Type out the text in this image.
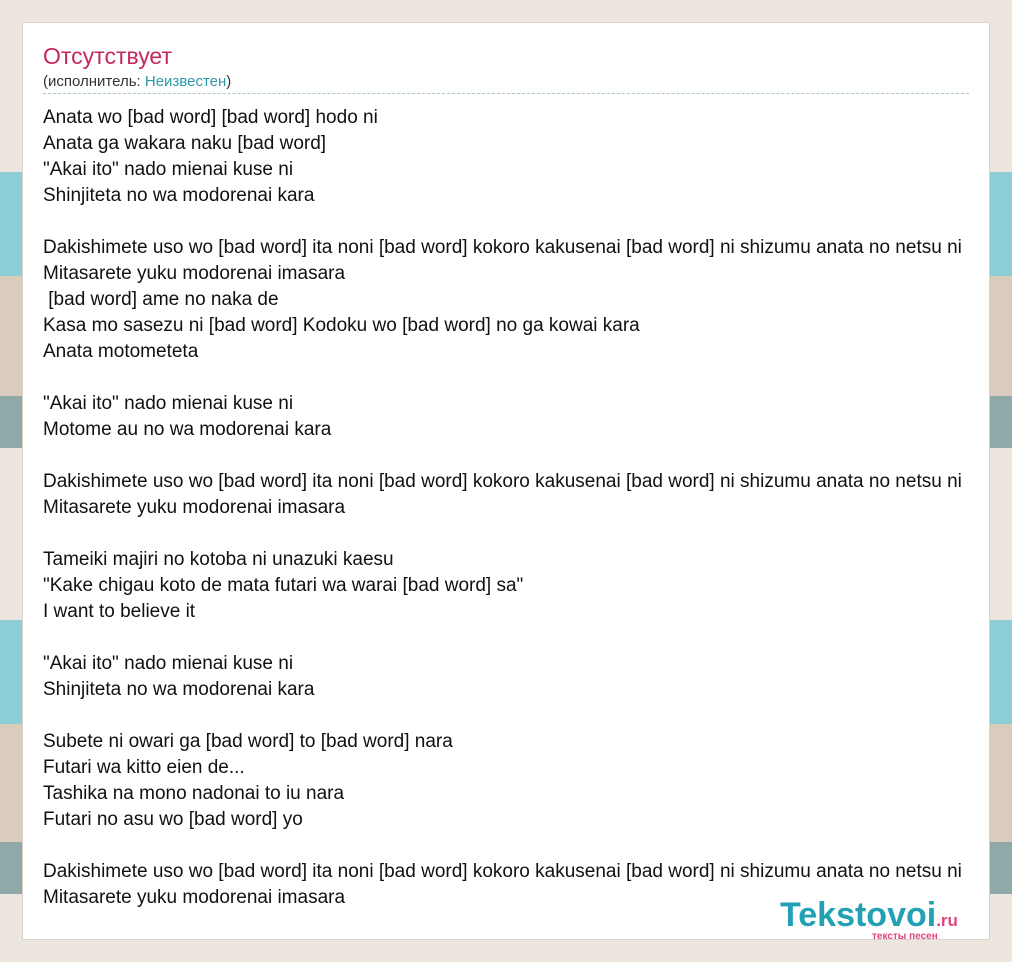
Отсутствует
(исполнитель: Неизвестен)
Anata wo [bad word] [bad word] hodo ni
Anata ga wakara naku [bad word]
"Akai ito" nado mienai kuse ni
Shinjiteta no wa modorenai kara
Dakishimete uso wo [bad word] ita noni [bad word] kokoro kakusenai [bad word] ni shizumu anata no netsu ni
Mitasarete yuku modorenai imasara
[bad word] ame no naka de
Kasa mo sasezu ni [bad word] Kodoku wo [bad word] no ga kowai kara
Anata motometeta
"Akai ito" nado mienai kuse ni
Motome au no wa modorenai kara
Dakishimete uso wo [bad word] ita noni [bad word] kokoro kakusenai [bad word] ni shizumu anata no netsu ni
Mitasarete yuku modorenai imasara
Tameiki majiri no kotoba ni unazuki kaesu
"Kake chigau koto de mata futari wa warai [bad word] sa"
I want to believe it
"Akai ito" nado mienai kuse ni
Shinjiteta no wa modorenai kara
Subete ni owari ga [bad word] to [bad word] nara
Futari wa kitto eien de...
Tashika na mono nadonai to iu nara
Futari no asu wo [bad word] yo
Dakishimete uso wo [bad word] ita noni [bad word] kokoro kakusenai [bad word] ni shizumu anata no netsu ni
Mitasarete yuku modorenai imasara	Tekstovoi.ru
тексты песен
